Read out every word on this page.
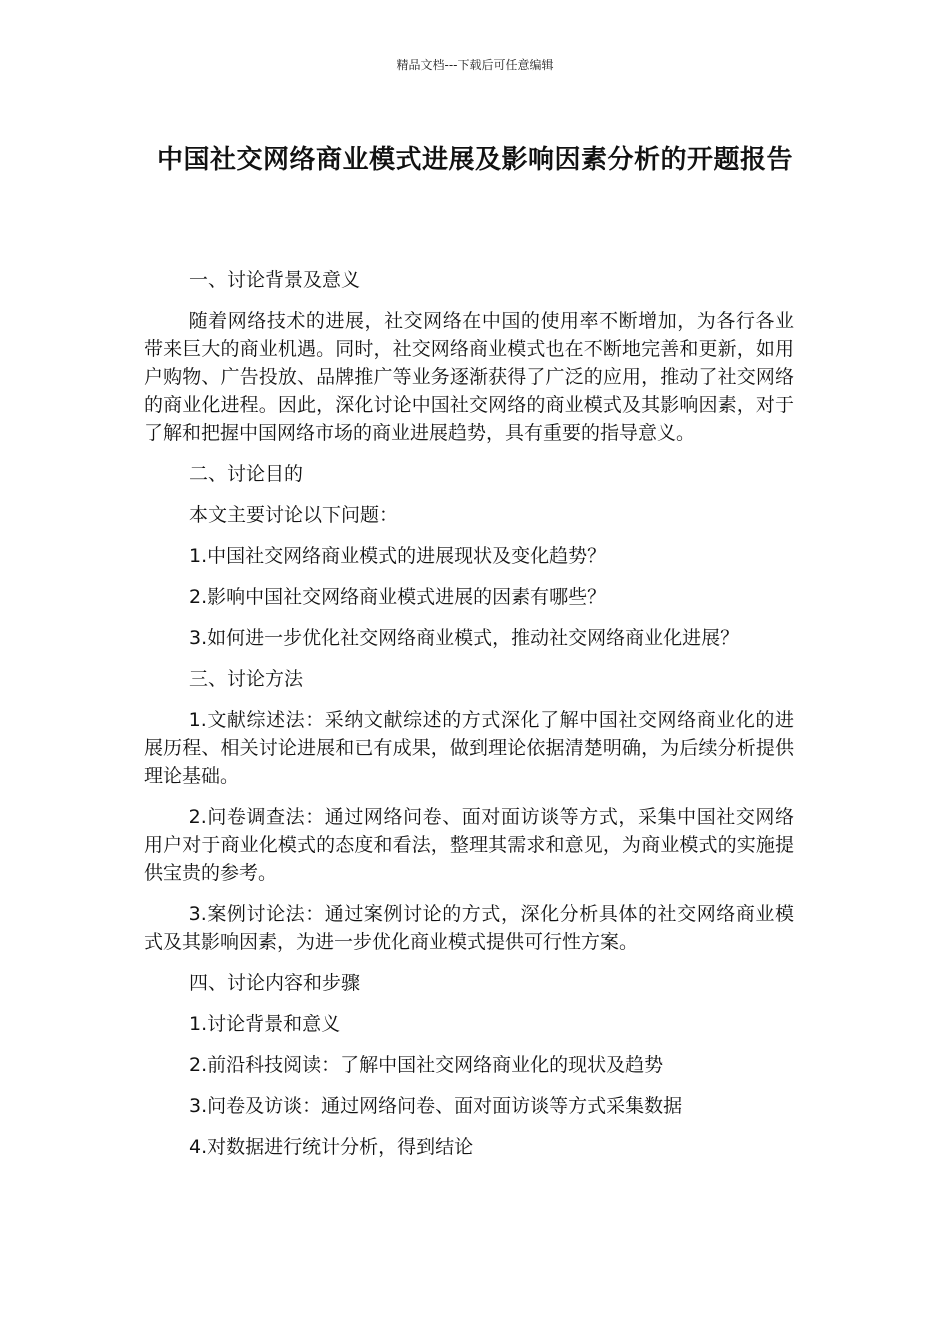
精品文档---下载后可任意编辑
中国社交网络商业模式进展及影响因素分析的开题报告

一、讨论背景及意义

随着网络技术的进展，社交网络在中国的使用率不断增加，为各行各业带来巨大的商业机遇。同时，社交网络商业模式也在不断地完善和更新，如用户购物、广告投放、品牌推广等业务逐渐获得了广泛的应用，推动了社交网络的商业化进程。因此，深化讨论中国社交网络的商业模式及其影响因素，对于了解和把握中国网络市场的商业进展趋势，具有重要的指导意义。

二、讨论目的

本文主要讨论以下问题：

1.中国社交网络商业模式的进展现状及变化趋势？

2.影响中国社交网络商业模式进展的因素有哪些？

3.如何进一步优化社交网络商业模式，推动社交网络商业化进展？

三、讨论方法

1.文献综述法：采纳文献综述的方式深化了解中国社交网络商业化的进展历程、相关讨论进展和已有成果，做到理论依据清楚明确，为后续分析提供理论基础。

2.问卷调查法：通过网络问卷、面对面访谈等方式，采集中国社交网络用户对于商业化模式的态度和看法，整理其需求和意见，为商业模式的实施提供宝贵的参考。

3.案例讨论法：通过案例讨论的方式，深化分析具体的社交网络商业模式及其影响因素，为进一步优化商业模式提供可行性方案。

四、讨论内容和步骤

1.讨论背景和意义

2.前沿科技阅读：了解中国社交网络商业化的现状及趋势

3.问卷及访谈：通过网络问卷、面对面访谈等方式采集数据

4.对数据进行统计分析，得到结论
